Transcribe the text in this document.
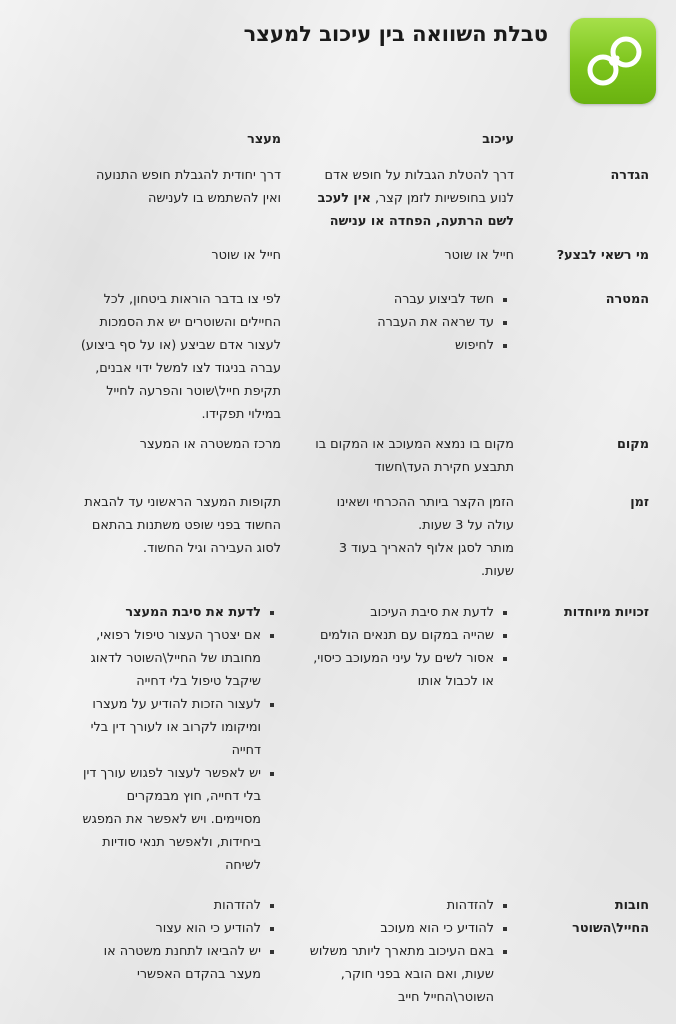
טבלת השוואה בין עיכוב למעצר
עיכוב
מעצר
הגדרה
דרך להטלת הגבלות על חופש אדם
לנוע בחופשיות לזמן קצר, אין לעכב
לשם הרתעה, הפחדה או ענישה
דרך יחודית להגבלת חופש התנועה
ואין להשתמש בו לענישה
מי רשאי לבצע?
חייל או שוטר
חייל או שוטר
המטרה
חשד לביצוע עברה
עד שראה את העברה
לחיפוש
לפי צו בדבר הוראות ביטחון, לכל
החיילים והשוטרים יש את הסמכות
לעצור אדם שביצע (או על סף ביצוע)
עברה בניגוד לצו למשל ידוי אבנים,
תקיפת חייל\שוטר והפרעה לחייל
במילוי תפקידו.
מקום
מקום בו נמצא המעוכב או המקום בו
תתבצע חקירת העד\חשוד
מרכז המשטרה או המעצר
זמן
הזמן הקצר ביותר ההכרחי ושאינו
עולה על 3 שעות.
מותר לסגן אלוף להאריך בעוד 3
שעות.
תקופות המעצר הראשוני עד להבאת
החשוד בפני שופט משתנות בהתאם
לסוג העבירה וגיל החשוד.
זכויות מיוחדות
לדעת את סיבת העיכוב
שהייה במקום עם תנאים הולמים
אסור לשים על עיני המעוכב כיסוי,
או לכבול אותו
לדעת את סיבת המעצר
אם יצטרך העצור טיפול רפואי,
מחובתו של החייל\השוטר לדאוג
שיקבל טיפול בלי דחייה
לעצור הזכות להודיע על מעצרו
ומיקומו לקרוב או לעורך דין בלי
דחייה
יש לאפשר לעצור לפגוש עורך דין
בלי דחייה, חוץ מבמקרים
מסויימים. ויש לאפשר את המפגש
ביחידות, ולאפשר תנאי סודיות
לשיחה
חובות החייל\השוטר
להזדהות
להודיע כי הוא מעוכב
באם העיכוב מתארך ליותר משלוש
שעות, ואם הובא בפני חוקר,
השוטר\החייל חייב
להזדהות
להודיע כי הוא עצור
יש להביאו לתחנת משטרה או
מעצר בהקדם האפשרי
